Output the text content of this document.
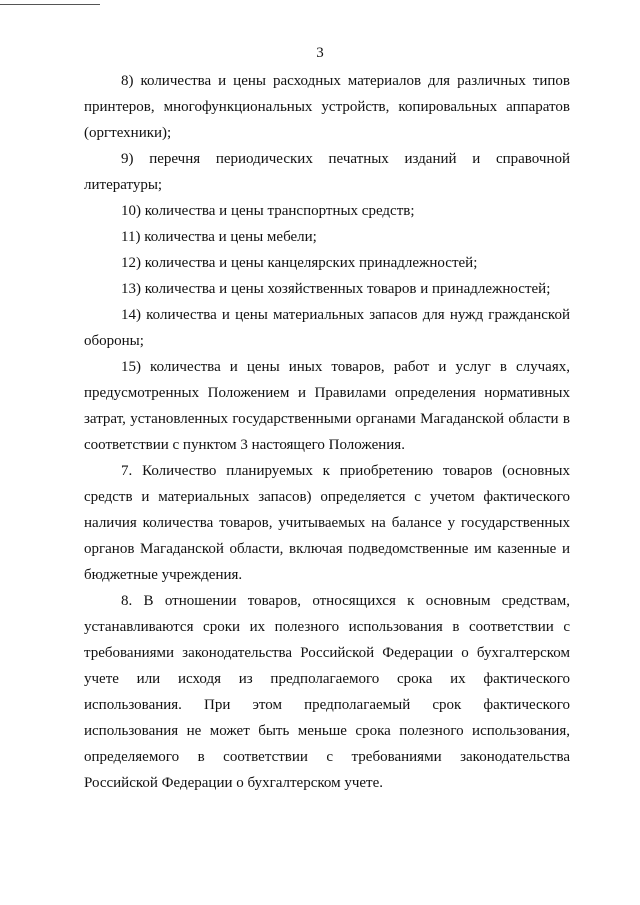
3

8) количества и цены расходных материалов для различных типов принтеров, многофункциональных устройств, копировальных аппаратов (оргтехники);

9) перечня периодических печатных изданий и справочной литературы;

10) количества и цены транспортных средств;

11) количества и цены мебели;

12) количества и цены канцелярских принадлежностей;

13) количества и цены хозяйственных товаров и принадлежностей;

14) количества и цены материальных запасов для нужд гражданской обороны;

15) количества и цены иных товаров, работ и услуг в случаях, предусмотренных Положением и Правилами определения нормативных затрат, установленных государственными органами Магаданской области в соответствии с пунктом 3 настоящего Положения.

7. Количество планируемых к приобретению товаров (основных средств и материальных запасов) определяется с учетом фактического наличия количества товаров, учитываемых на балансе у государственных органов Магаданской области, включая подведомственные им казенные и бюджетные учреждения.

8. В отношении товаров, относящихся к основным средствам, устанавливаются сроки их полезного использования в соответствии с требованиями законодательства Российской Федерации о бухгалтерском учете или исходя из предполагаемого срока их фактического использования. При этом предполагаемый срок фактического использования не может быть меньше срока полезного использования, определяемого в соответствии с требованиями законодательства Российской Федерации о бухгалтерском учете.
